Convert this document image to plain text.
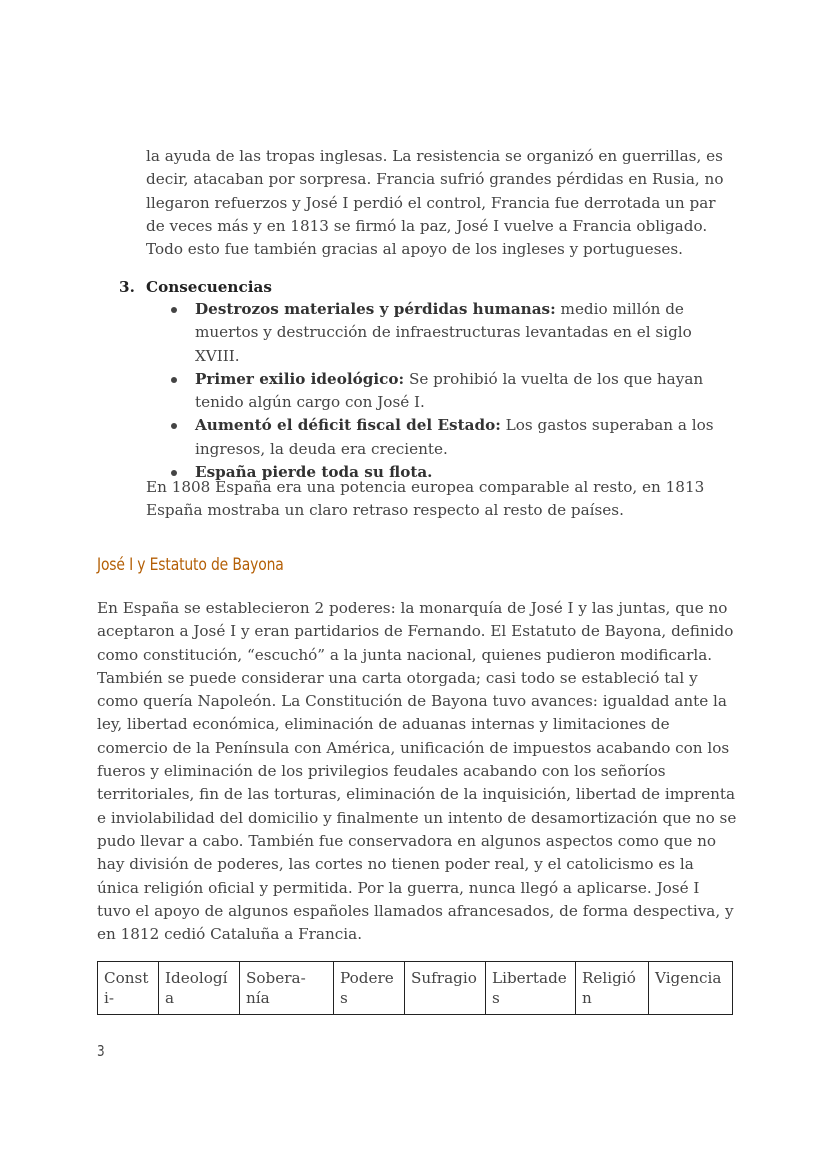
la ayuda de las tropas inglesas. La resistencia se organizó en guerrillas, es decir, atacaban por sorpresa. Francia sufrió grandes pérdidas en Rusia, no llegaron refuerzos y José I perdió el control, Francia fue derrotada un par de veces más y en 1813 se firmó la paz, José I vuelve a Francia obligado. Todo esto fue también gracias al apoyo de los ingleses y portugueses.

3. Consecuencias

Destrozos materiales y pérdidas humanas: medio millón de muertos y destrucción de infraestructuras levantadas en el siglo XVIII.
Primer exilio ideológico: Se prohibió la vuelta de los que hayan tenido algún cargo con José I.
Aumentó el déficit fiscal del Estado: Los gastos superaban a los ingresos, la deuda era creciente.
España pierde toda su flota.

En 1808 España era una potencia europea comparable al resto, en 1813 España mostraba un claro retraso respecto al resto de países.

José I y Estatuto de Bayona

En España se establecieron 2 poderes: la monarquía de José I y las juntas, que no aceptaron a José I y eran partidarios de Fernando. El Estatuto de Bayona, definido como constitución, “escuchó” a la junta nacional, quienes pudieron modificarla. También se puede considerar una carta otorgada; casi todo se estableció tal y como quería Napoleón. La Constitución de Bayona tuvo avances: igualdad ante la ley, libertad económica, eliminación de aduanas internas y limitaciones de comercio de la Península con América, unificación de impuestos acabando con los fueros y eliminación de los privilegios feudales acabando con los señoríos territoriales, fin de las torturas, eliminación de la inquisición, libertad de imprenta e inviolabilidad del domicilio y finalmente un intento de desamortización que no se pudo llevar a cabo. También fue conservadora en algunos aspectos como que no hay división de poderes, las cortes no tienen poder real, y el catolicismo es la única religión oficial y permitida. Por la guerra, nunca llegó a aplicarse. José I tuvo el apoyo de algunos españoles llamados afrancesados, de forma despectiva, y en 1812 cedió Cataluña a Francia.

Consti-	Ideología	Sobera-nía	Poderes	Sufragio	Libertades	Religión	Vigencia

3
